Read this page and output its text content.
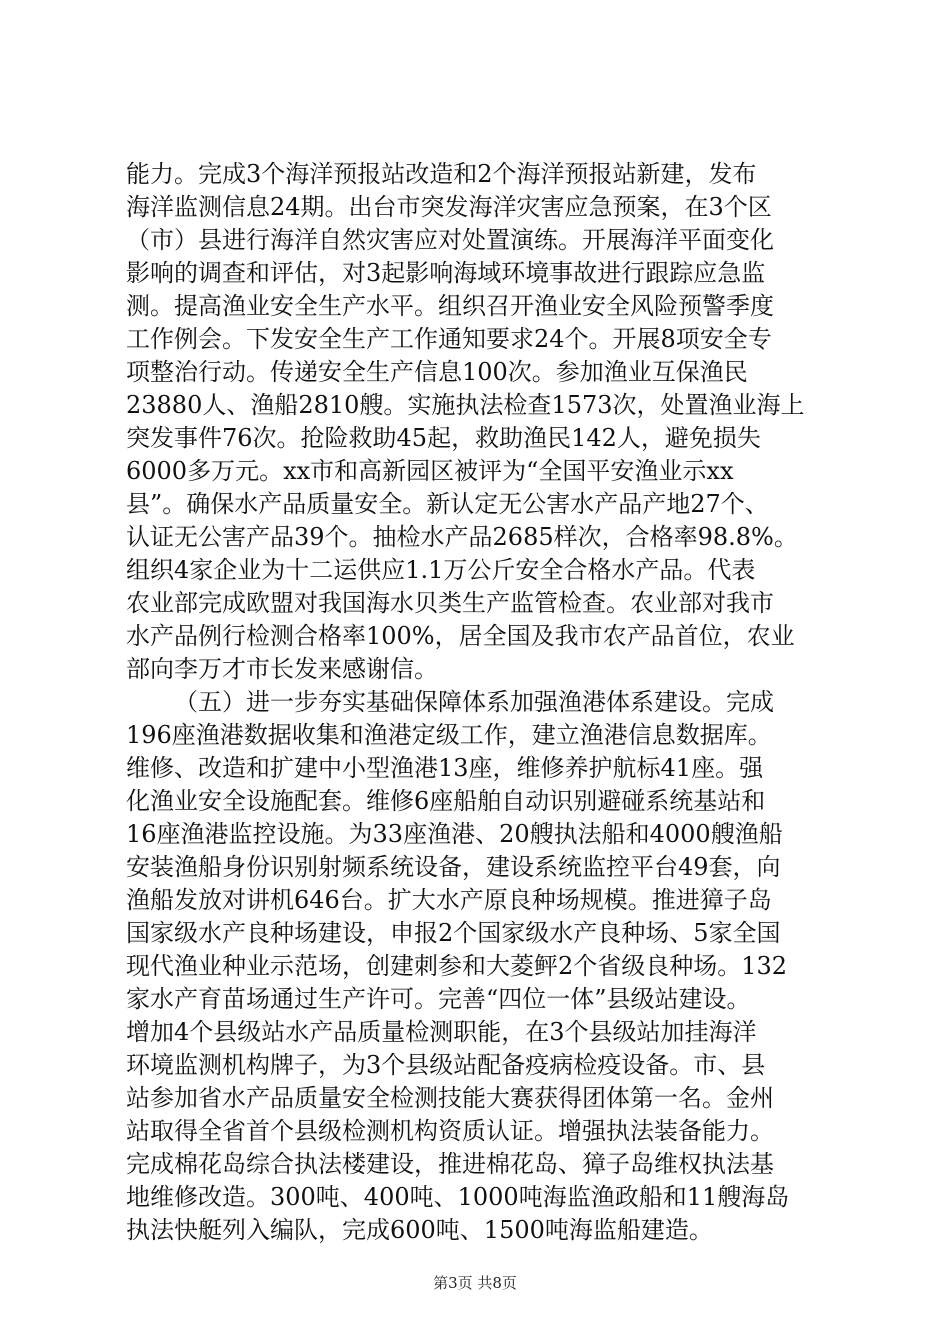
能力。完成3个海洋预报站改造和2个海洋预报站新建，发布
海洋监测信息24期。出台市突发海洋灾害应急预案，在3个区
（市）县进行海洋自然灾害应对处置演练。开展海洋平面变化
影响的调查和评估，对3起影响海域环境事故进行跟踪应急监
测。提高渔业安全生产水平。组织召开渔业安全风险预警季度
工作例会。下发安全生产工作通知要求24个。开展8项安全专
项整治行动。传递安全生产信息100次。参加渔业互保渔民
23880人、渔船2810艘。实施执法检查1573次，处置渔业海上
突发事件76次。抢险救助45起，救助渔民142人，避免损失
6000多万元。xx市和高新园区被评为“全国平安渔业示xx
县”。确保水产品质量安全。新认定无公害水产品产地27个、
认证无公害产品39个。抽检水产品2685样次，合格率98.8%。
组织4家企业为十二运供应1.1万公斤安全合格水产品。代表
农业部完成欧盟对我国海水贝类生产监管检查。农业部对我市
水产品例行检测合格率100%，居全国及我市农产品首位，农业
部向李万才市长发来感谢信。
（五）进一步夯实基础保障体系加强渔港体系建设。完成
196座渔港数据收集和渔港定级工作，建立渔港信息数据库。
维修、改造和扩建中小型渔港13座，维修养护航标41座。强
化渔业安全设施配套。维修6座船舶自动识别避碰系统基站和
16座渔港监控设施。为33座渔港、20艘执法船和4000艘渔船
安装渔船身份识别射频系统设备，建设系统监控平台49套，向
渔船发放对讲机646台。扩大水产原良种场规模。推进獐子岛
国家级水产良种场建设，申报2个国家级水产良种场、5家全国
现代渔业种业示范场，创建刺参和大菱鲆2个省级良种场。132
家水产育苗场通过生产许可。完善“四位一体”县级站建设。
增加4个县级站水产品质量检测职能，在3个县级站加挂海洋
环境监测机构牌子，为3个县级站配备疫病检疫设备。市、县
站参加省水产品质量安全检测技能大赛获得团体第一名。金州
站取得全省首个县级检测机构资质认证。增强执法装备能力。
完成棉花岛综合执法楼建设，推进棉花岛、獐子岛维权执法基
地维修改造。300吨、400吨、1000吨海监渔政船和11艘海岛
执法快艇列入编队，完成600吨、1500吨海监船建造。
第3页 共8页
